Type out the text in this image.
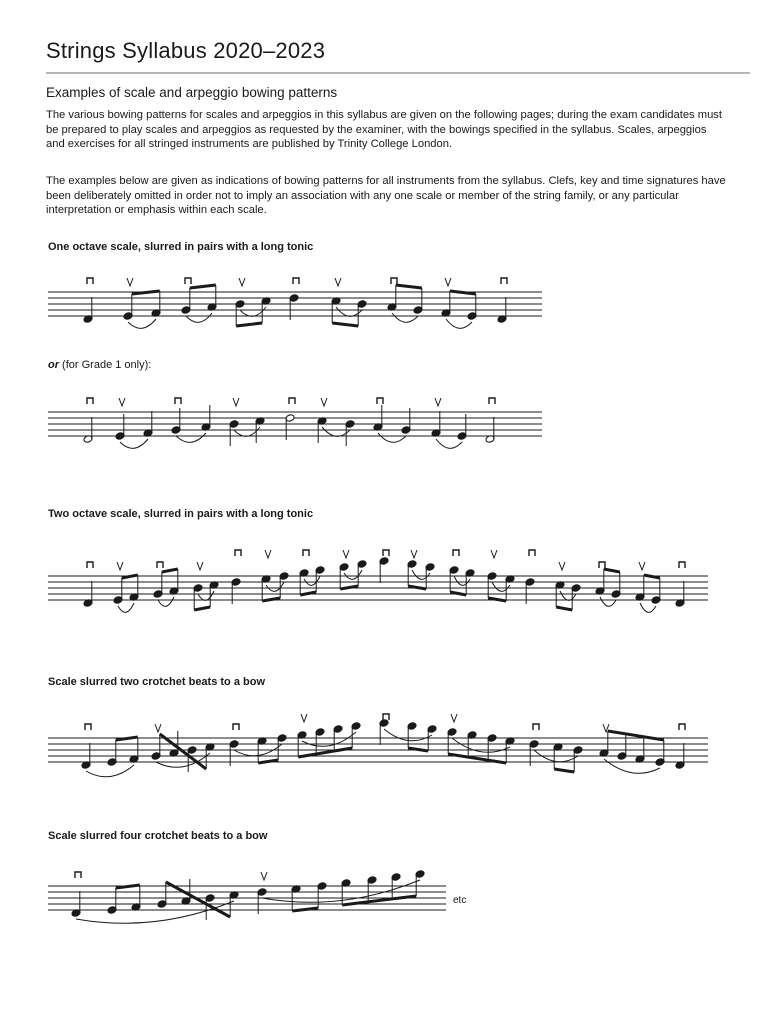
Strings Syllabus 2020–2023
Examples of scale and arpeggio bowing patterns
The various bowing patterns for scales and arpeggios in this syllabus are given on the following pages; during the exam candidates must be prepared to play scales and arpeggios as requested by the examiner, with the bowings specified in the syllabus. Scales, arpeggios and exercises for all stringed instruments are published by Trinity College London.
The examples below are given as indications of bowing patterns for all instruments from the syllabus. Clefs, key and time signatures have been deliberately omitted in order not to imply an association with any one scale or member of the string family, or any particular interpretation or emphasis within each scale.
One octave scale, slurred in pairs with a long tonic
or (for Grade 1 only):
Two octave scale, slurred in pairs with a long tonic
Scale slurred two crotchet beats to a bow
Scale slurred four crotchet beats to a bow
etc
